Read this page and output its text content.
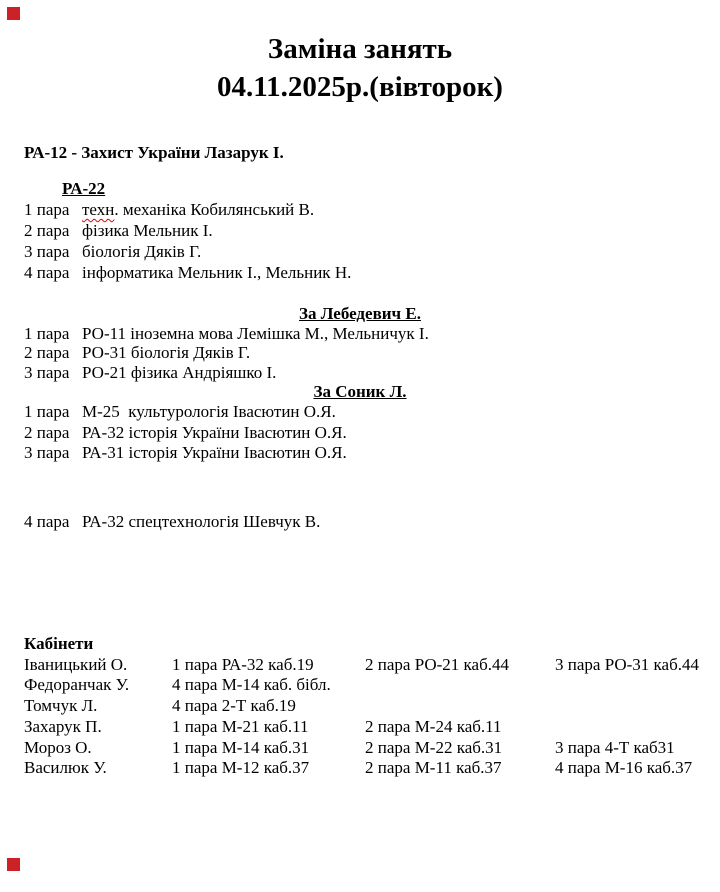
Заміна занять
04.11.2025р.(вівторок)
РА-12 - Захист України Лазарук І.
РА-22
1 пара техн. механіка Кобилянський В.
2 пара фізика Мельник І.
3 пара біологія Дяків Г.
4 пара інформатика Мельник І., Мельник Н.
За Лебедевич Е.
1 пара РО-11 іноземна мова Лемішка М., Мельничук І.
2 пара РО-31 біологія Дяків Г.
3 пара РО-21 фізика Андріяшко І.
За Соник Л.
1 пара М-25  культурологія Івасютин О.Я.
2 пара РА-32 історія України Івасютин О.Я.
3 пара РА-31 історія України Івасютин О.Я.
4 пара РА-32 спецтехнологія Шевчук В.
Кабінети
Іваницький О.	1 пара РА-32 каб.19	2 пара РО-21 каб.44	3 пара РО-31 каб.44
Федоранчак У.	4 пара М-14 каб. бібл.
Томчук Л.	4 пара 2-Т каб.19
Захарук П.	1 пара М-21 каб.11	2 пара М-24 каб.11
Мороз О.	1 пара М-14 каб.31	2 пара М-22 каб.31	3 пара 4-Т каб31
Василюк У.	1 пара М-12 каб.37	2 пара М-11 каб.37	4 пара М-16 каб.37
